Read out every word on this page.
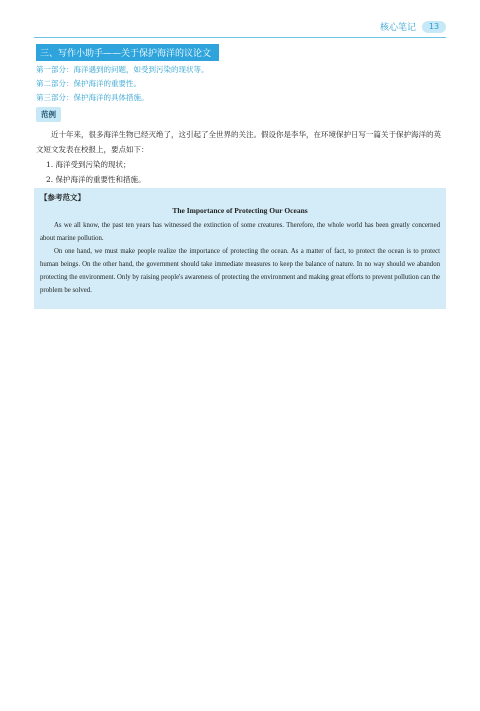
核心笔记	13
三、写作小助手——关于保护海洋的议论文
第一部分：海洋遇到的问题，如受到污染的现状等。
第二部分：保护海洋的重要性。
第三部分：保护海洋的具体措施。
范例

近十年来，很多海洋生物已经灭绝了，这引起了全世界的关注。假设你是李华，在环境保护日写一篇关于保护海洋的英文短文发表在校报上，要点如下：

1. 海洋受到污染的现状；

2. 保护海洋的重要性和措施。

【参考范文】
The Importance of Protecting Our Oceans

As we all know, the past ten years has witnessed the extinction of some creatures. Therefore, the whole world has been greatly concerned about marine pollution.

On one hand, we must make people realize the importance of protecting the ocean. As a matter of fact, to protect the ocean is to protect human beings. On the other hand, the government should take immediate measures to keep the balance of nature. In no way should we abandon protecting the environment. Only by raising people's awareness of protecting the environment and making great efforts to prevent pollution can the problem be solved.
